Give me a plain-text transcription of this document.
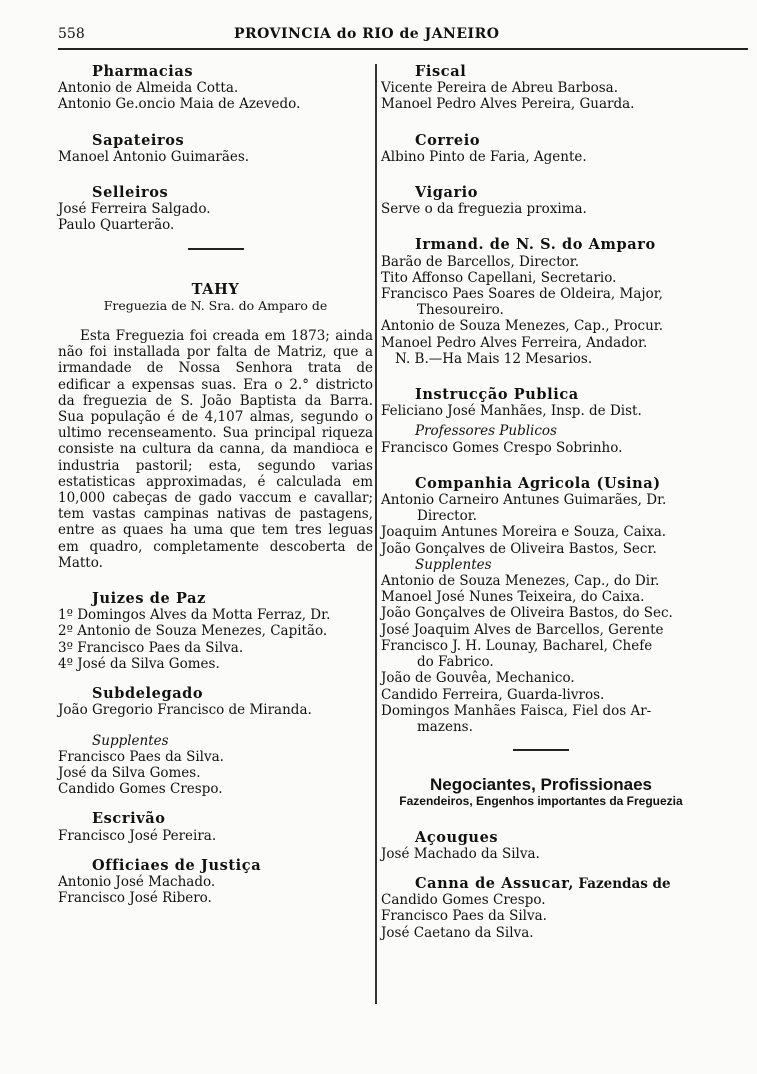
558	PROVINCIA do RIO de JANEIRO
Pharmacias
Antonio de Almeida Cotta.
Antonio Ge.oncio Maia de Azevedo.
Sapateiros
Manoel Antonio Guimarães.
Selleiros
José Ferreira Salgado.
Paulo Quarterão.
TAHY
Freguezia de N. Sra. do Amparo de
Esta Freguezia foi creada em 1873; ainda não foi installada por falta de Matriz, que a irmandade de Nossa Senhora trata de edificar a expensas suas. Era o 2.° districto da freguezia de S. João Baptista da Barra. Sua população é de 4,107 almas, segundo o ultimo recenseamento. Sua principal riqueza consiste na cultura da canna, da mandioca e industria pastoril; esta, segundo varias estatisticas approximadas, é calculada em 10,000 cabeças de gado vaccum e cavallar; tem vastas campinas nativas de pastagens, entre as quaes ha uma que tem tres leguas em quadro, completamente descoberta de Matto.
Juizes de Paz
1º Domingos Alves da Motta Ferraz, Dr.
2º Antonio de Souza Menezes, Capitão.
3º Francisco Paes da Silva.
4º José da Silva Gomes.
Subdelegado
João Gregorio Francisco de Miranda.
Supplentes
Francisco Paes da Silva.
José da Silva Gomes.
Candido Gomes Crespo.
Escrivão
Francisco José Pereira.
Officiaes de Justiça
Antonio José Machado.
Francisco José Ribero.
Fiscal
Vicente Pereira de Abreu Barbosa.
Manoel Pedro Alves Pereira, Guarda.
Correio
Albino Pinto de Faria, Agente.
Vigario
Serve o da freguezia proxima.
Irmand. de N. S. do Amparo
Barão de Barcellos, Director.
Tito Affonso Capellani, Secretario.
Francisco Paes Soares de Oldeira, Major,
Thesoureiro.
Antonio de Souza Menezes, Cap., Procur.
Manoel Pedro Alves Ferreira, Andador.
N. B.—Ha Mais 12 Mesarios.
Instrucção Publica
Feliciano José Manhães, Insp. de Dist.
Professores Publicos
Francisco Gomes Crespo Sobrinho.
Companhia Agricola (Usina)
Antonio Carneiro Antunes Guimarães, Dr.
Director.
Joaquim Antunes Moreira e Souza, Caixa.
João Gonçalves de Oliveira Bastos, Secr.
Supplentes
Antonio de Souza Menezes, Cap., do Dir.
Manoel José Nunes Teixeira, do Caixa.
João Gonçalves de Oliveira Bastos, do Sec.
José Joaquim Alves de Barcellos, Gerente
Francisco J. H. Lounay, Bacharel, Chefe
do Fabrico.
João de Gouvêa, Mechanico.
Candido Ferreira, Guarda-livros.
Domingos Manhães Faisca, Fiel dos Ar-
mazens.
Negociantes, Profissionaes
Fazendeiros, Engenhos importantes da Freguezia
Açougues
José Machado da Silva.
Canna de Assucar, Fazendas de
Candido Gomes Crespo.
Francisco Paes da Silva.
José Caetano da Silva.
